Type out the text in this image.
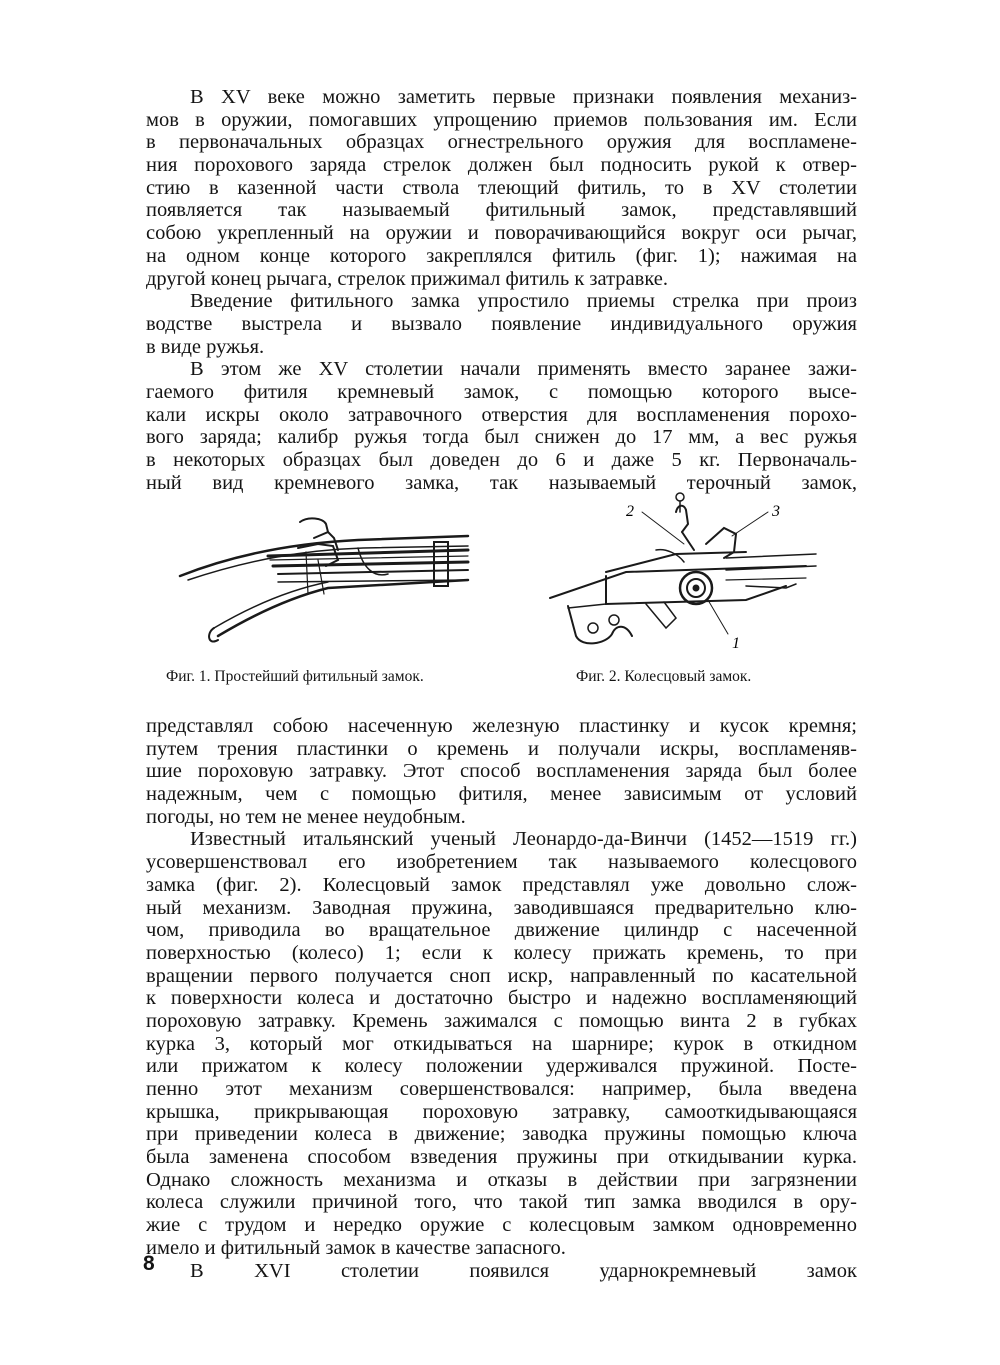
В XV веке можно заметить первые признаки появления механиз-
мов в оружии, помогавших упрощению приемов пользования им. Если
в первоначальных образцах огнестрельного оружия для воспламене-
ния порохового заряда стрелок должен был подносить рукой к отвер-
стию в казенной части ствола тлеющий фитиль, то в XV столетии
появляется так называемый фитильный замок, представлявший
собою укрепленный на оружии и поворачивающийся вокруг оси рычаг,
на одном конце которого закреплялся фитиль (фиг. 1); нажимая на
другой конец рычага, стрелок прижимал фитиль к затравке.
Введение фитильного замка упростило приемы стрелка при произ
водстве выстрела и вызвало появление индивидуального оружия
в виде ружья.
В этом же XV столетии начали применять вместо заранее зажи-
гаемого фитиля кремневый замок, с помощью которого высе-
кали искры около затравочного отверстия для воспламенения порохо-
вого заряда; калибр ружья тогда был снижен до 17 мм, а вес ружья
в некоторых образцах был доведен до 6 и даже 5 кг. Первоначаль-
ный вид кремневого замка, так называемый терочный замок,
2	3
1
Фиг. 1. Простейший фитильный замок.	Фиг. 2. Колесцовый замок.
представлял собою насеченную железную пластинку и кусок кремня;
путем трения пластинки о кремень и получали искры, воспламеняв-
шие пороховую затравку. Этот способ воспламенения заряда был более
надежным, чем с помощью фитиля, менее зависимым от условий
погоды, но тем не менее неудобным.
Известный итальянский ученый Леонардо-да-Винчи (1452—1519 гг.)
усовершенствовал его изобретением так называемого колесцового
замка (фиг. 2). Колесцовый замок представлял уже довольно слож-
ный механизм. Заводная пружина, заводившаяся предварительно клю-
чом, приводила во вращательное движение цилиндр с насеченной
поверхностью (колесо) 1; если к колесу прижать кремень, то при
вращении первого получается сноп искр, направленный по касательной
к поверхности колеса и достаточно быстро и надежно воспламеняющий
пороховую затравку. Кремень зажимался с помощью винта 2 в губках
курка 3, который мог откидываться на шарнире; курок в откидном
или прижатом к колесу положении удерживался пружиной. Посте-
пенно этот механизм совершенствовался: например, была введена
крышка, прикрывающая пороховую затравку, самооткидывающаяся
при приведении колеса в движение; заводка пружины помощью ключа
была заменена способом взведения пружины при откидывании курка.
Однако сложность механизма и отказы в действии при загрязнении
колеса служили причиной того, что такой тип замка вводился в ору-
жие с трудом и нередко оружие с колесцовым замком одновременно
имело и фитильный замок в качестве запасного.
В XVI столетии появился ударнокремневый замок
8
